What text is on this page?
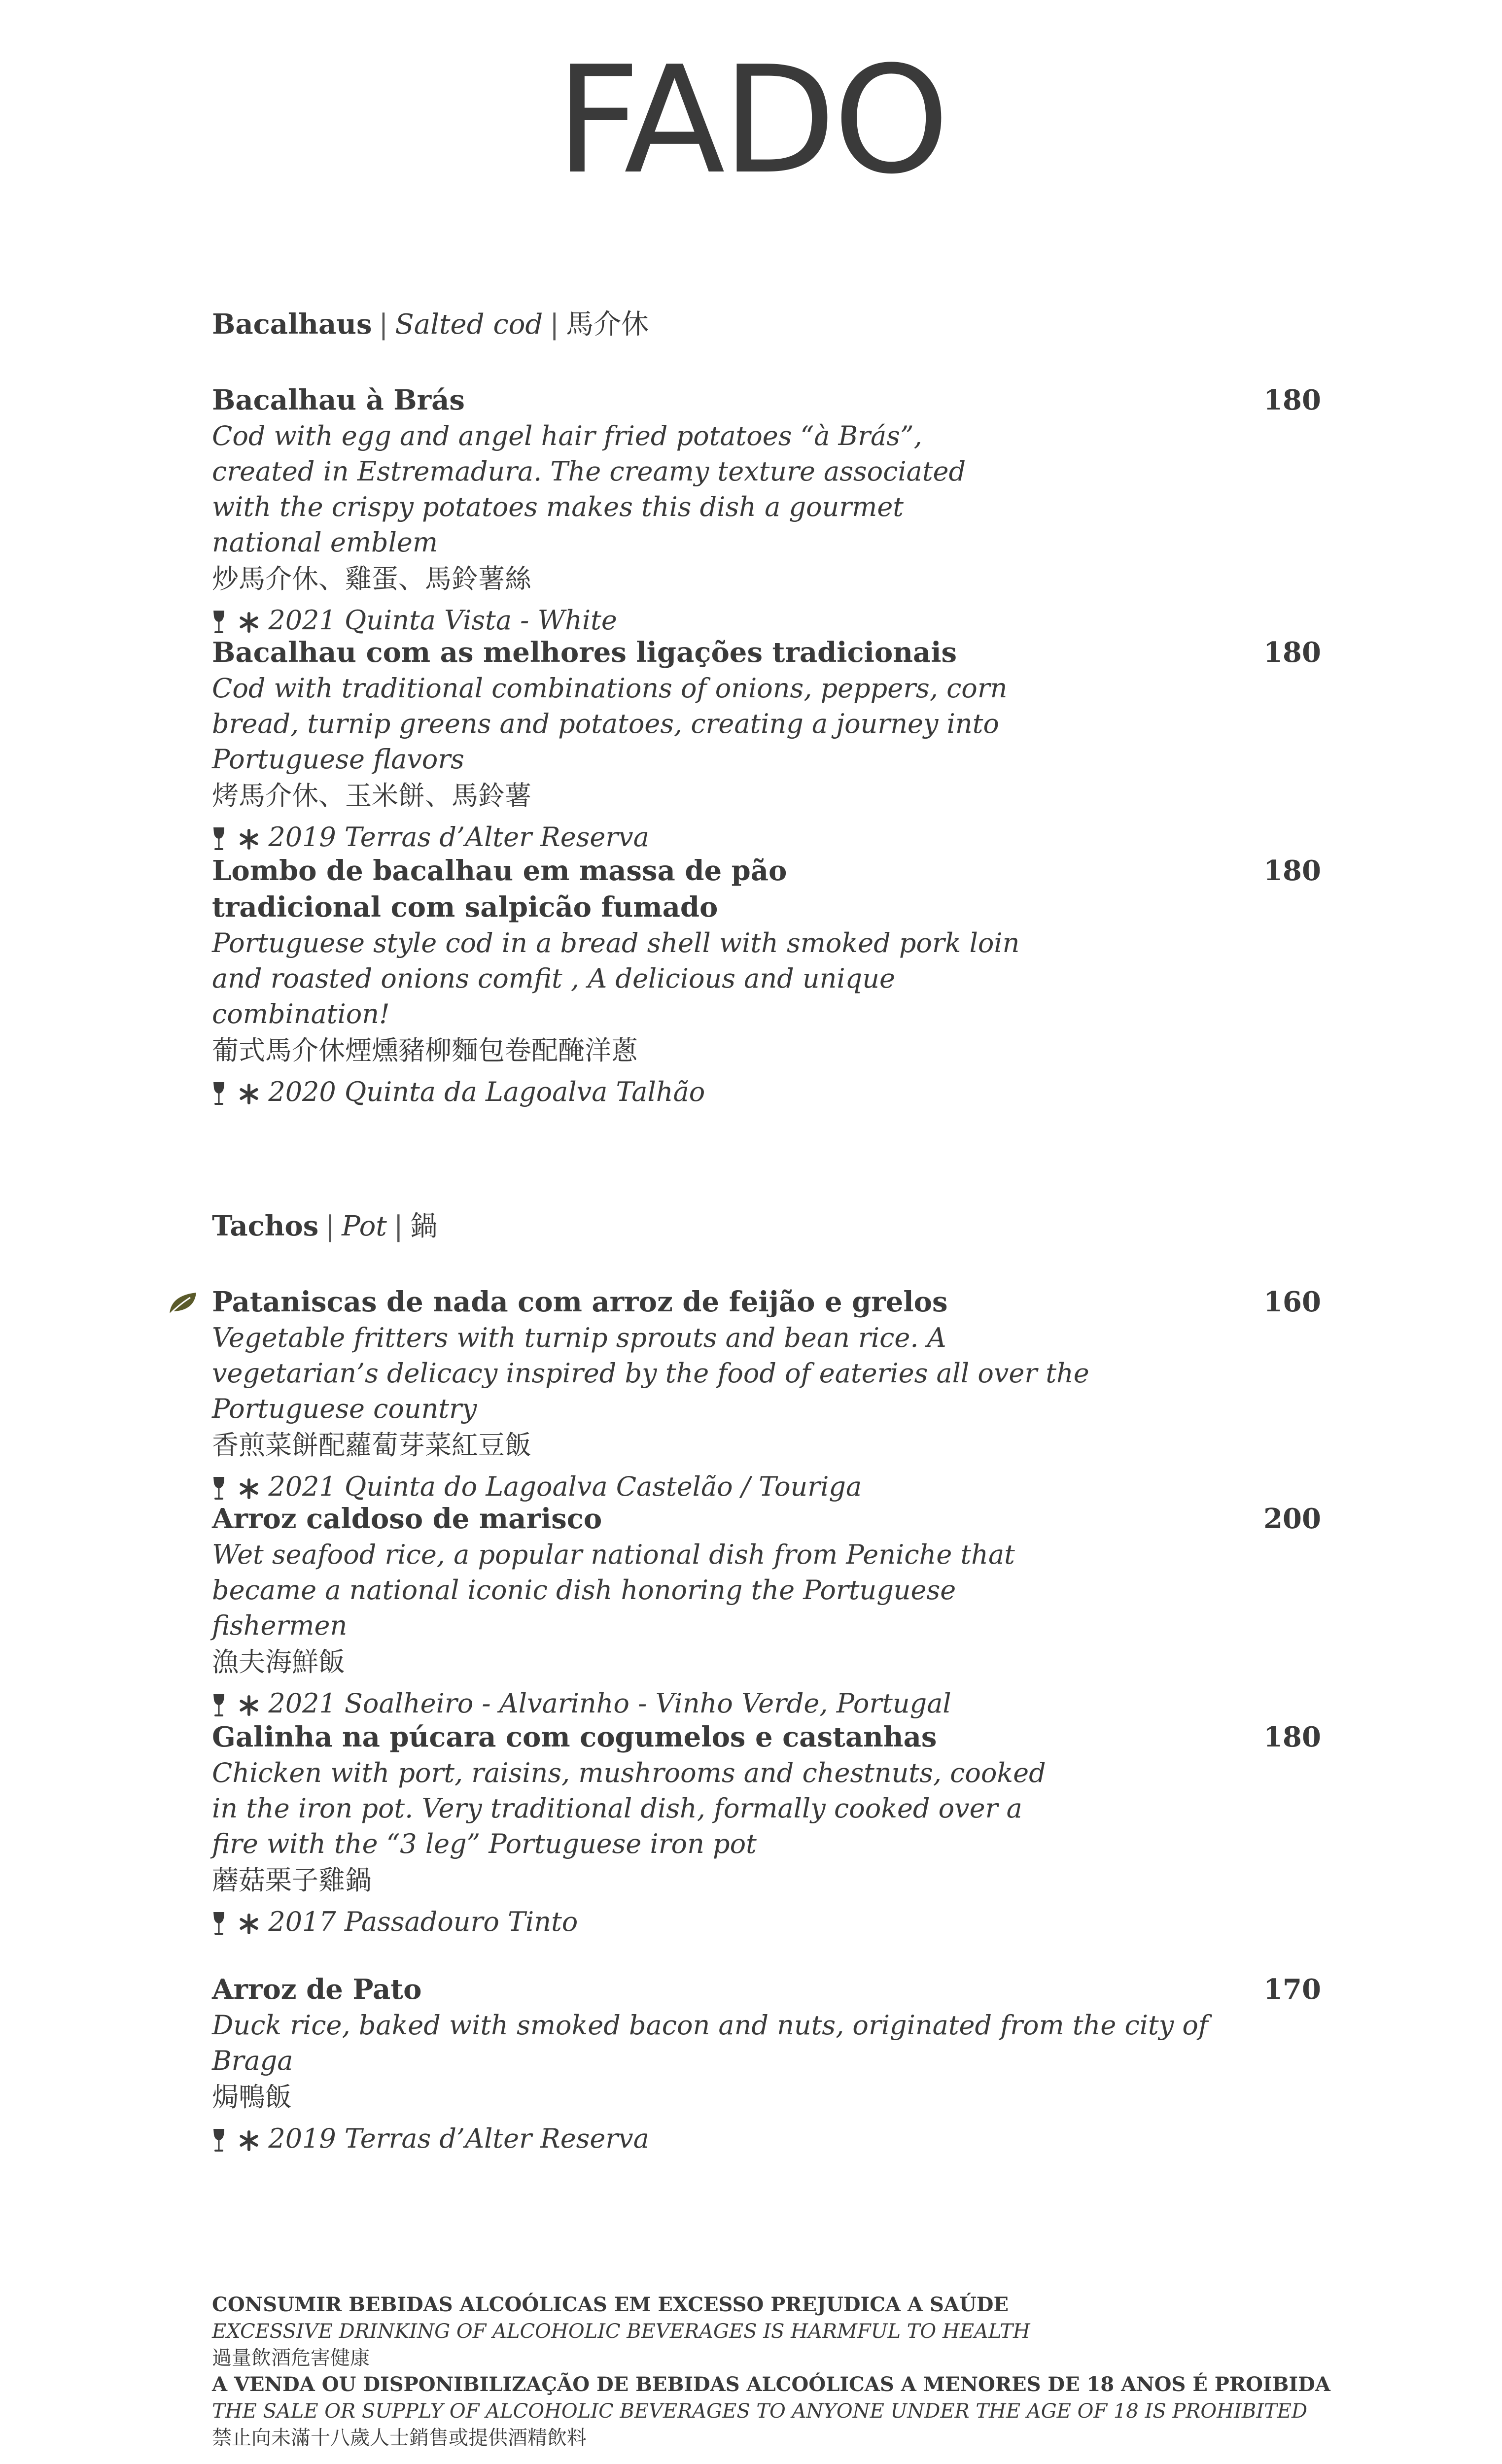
FADO
Bacalhaus | Salted cod | 馬介休
Bacalhau à Brás	180
Cod with egg and angel hair fried potatoes “à Brás”, created in Estremadura. The creamy texture associated with the crispy potatoes makes this dish a gourmet national emblem
炒馬介休、雞蛋、馬鈴薯絲

2021 Quinta Vista - White
Bacalhau com as melhores ligações tradicionais	180
Cod with traditional combinations of onions, peppers, corn bread, turnip greens and potatoes, creating a journey into Portuguese flavors
烤馬介休、玉米餅、馬鈴薯

2019 Terras d’Alter Reserva
Lombo de bacalhau em massa de pão tradicional com salpicão fumado
180
Portuguese style cod in a bread shell with smoked pork loin and roasted onions comfit , A delicious and unique combination!
葡式馬介休煙燻豬柳麵包卷配醃洋蔥

2020 Quinta da Lagoalva Talhão
Tachos | Pot | 鍋
Pataniscas de nada com arroz de feijão e grelos	160
Vegetable fritters with turnip sprouts and bean rice. A vegetarian’s delicacy inspired by the food of eateries all over the Portuguese country
香煎菜餅配蘿蔔芽菜紅豆飯

2021 Quinta do Lagoalva Castelão / Touriga
Arroz caldoso de marisco	200
Wet seafood rice, a popular national dish from Peniche that became a national iconic dish honoring the Portuguese fishermen
漁夫海鮮飯

2021 Soalheiro - Alvarinho - Vinho Verde, Portugal
Galinha na púcara com cogumelos e castanhas	180
Chicken with port, raisins, mushrooms and chestnuts, cooked in the iron pot. Very traditional dish, formally cooked over a fire with the “3 leg” Portuguese iron pot
蘑菇栗子雞鍋

2017 Passadouro Tinto
Arroz de Pato	170
Duck rice, baked with smoked bacon and nuts, originated from the city of Braga
焗鴨飯

2019 Terras d’Alter Reserva
CONSUMIR BEBIDAS ALCOÓLICAS EM EXCESSO PREJUDICA A SAÚDE
EXCESSIVE DRINKING OF ALCOHOLIC BEVERAGES IS HARMFUL TO HEALTH
過量飲酒危害健康
A VENDA OU DISPONIBILIZAÇÃO DE BEBIDAS ALCOÓLICAS A MENORES DE 18 ANOS É PROIBIDA
THE SALE OR SUPPLY OF ALCOHOLIC BEVERAGES TO ANYONE UNDER THE AGE OF 18 IS PROHIBITED
禁止向未滿十八歲人士銷售或提供酒精飲料
